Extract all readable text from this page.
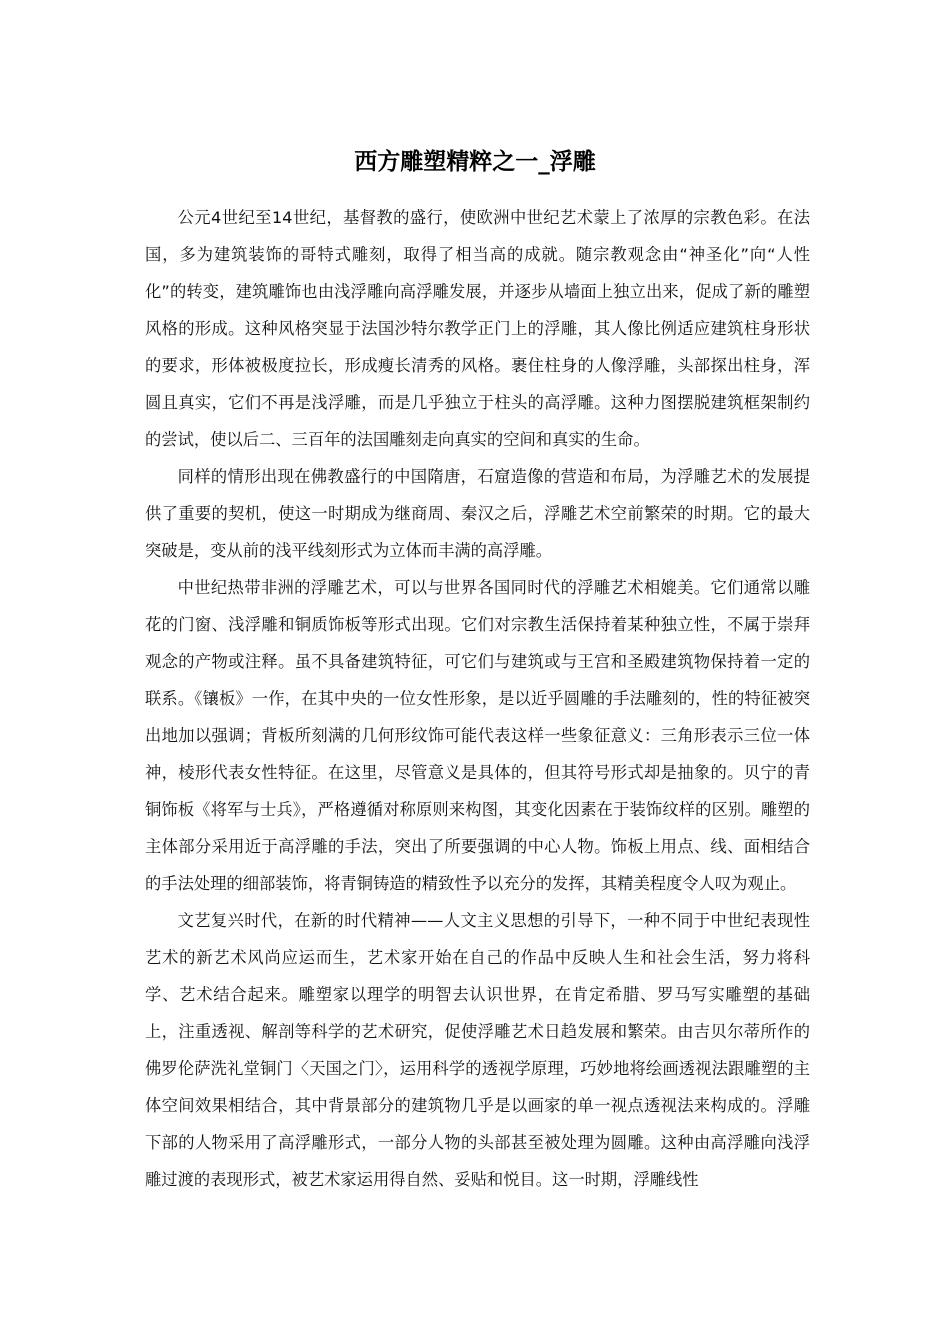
西方雕塑精粹之一_浮雕

公元4世纪至14世纪，基督教的盛行，使欧洲中世纪艺术蒙上了浓厚的宗教色彩。在法国，多为建筑装饰的哥特式雕刻，取得了相当高的成就。随宗教观念由“神圣化”向“人性化”的转变，建筑雕饰也由浅浮雕向高浮雕发展，并逐步从墙面上独立出来，促成了新的雕塑风格的形成。这种风格突显于法国沙特尔教学正门上的浮雕，其人像比例适应建筑柱身形状的要求，形体被极度拉长，形成瘦长清秀的风格。裹住柱身的人像浮雕，头部探出柱身，浑圆且真实，它们不再是浅浮雕，而是几乎独立于柱头的高浮雕。这种力图摆脱建筑框架制约的尝试，使以后二、三百年的法国雕刻走向真实的空间和真实的生命。

同样的情形出现在佛教盛行的中国隋唐，石窟造像的营造和布局，为浮雕艺术的发展提供了重要的契机，使这一时期成为继商周、秦汉之后，浮雕艺术空前繁荣的时期。它的最大突破是，变从前的浅平线刻形式为立体而丰满的高浮雕。

中世纪热带非洲的浮雕艺术，可以与世界各国同时代的浮雕艺术相媲美。它们通常以雕花的门窗、浅浮雕和铜质饰板等形式出现。它们对宗教生活保持着某种独立性，不属于崇拜观念的产物或注释。虽不具备建筑特征，可它们与建筑或与王宫和圣殿建筑物保持着一定的联系。《镶板》一作，在其中央的一位女性形象，是以近乎圆雕的手法雕刻的，性的特征被突出地加以强调；背板所刻满的几何形纹饰可能代表这样一些象征意义：三角形表示三位一体神，棱形代表女性特征。在这里，尽管意义是具体的，但其符号形式却是抽象的。贝宁的青铜饰板《将军与士兵》，严格遵循对称原则来构图，其变化因素在于装饰纹样的区别。雕塑的主体部分采用近于高浮雕的手法，突出了所要强调的中心人物。饰板上用点、线、面相结合的手法处理的细部装饰，将青铜铸造的精致性予以充分的发挥，其精美程度令人叹为观止。

文艺复兴时代，在新的时代精神——人文主义思想的引导下，一种不同于中世纪表现性艺术的新艺术风尚应运而生，艺术家开始在自己的作品中反映人生和社会生活，努力将科学、艺术结合起来。雕塑家以理学的明智去认识世界，在肯定希腊、罗马写实雕塑的基础上，注重透视、解剖等科学的艺术研究，促使浮雕艺术日趋发展和繁荣。由吉贝尔蒂所作的佛罗伦萨洗礼堂铜门〈天国之门〉，运用科学的透视学原理，巧妙地将绘画透视法跟雕塑的主体空间效果相结合，其中背景部分的建筑物几乎是以画家的单一视点透视法来构成的。浮雕下部的人物采用了高浮雕形式，一部分人物的头部甚至被处理为圆雕。这种由高浮雕向浅浮雕过渡的表现形式，被艺术家运用得自然、妥贴和悦目。这一时期，浮雕线性
